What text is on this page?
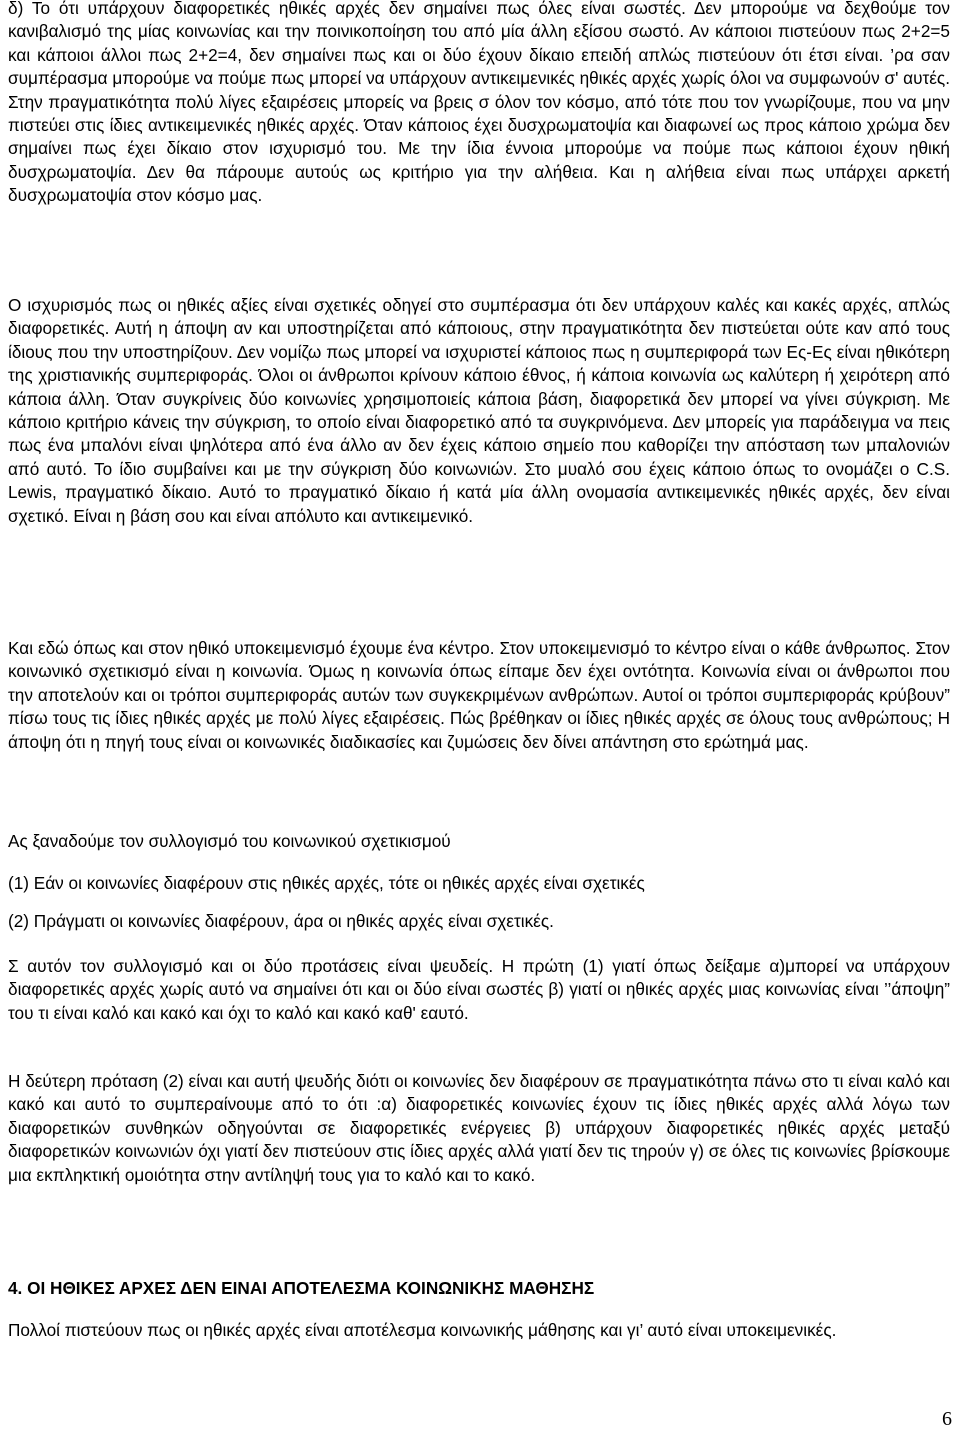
δ) Το ότι υπάρχουν διαφορετικές ηθικές αρχές δεν σημαίνει πως όλες είναι σωστές. Δεν μπορούμε να δεχθούμε τον κανιβαλισμό της μίας κοινωνίας και την ποινικοποίηση του από μία άλλη εξίσου σωστό. Αν κάποιοι πιστεύουν πως 2+2=5 και κάποιοι άλλοι πως 2+2=4, δεν σημαίνει πως και οι δύο έχουν δίκαιο επειδή απλώς πιστεύουν ότι έτσι είναι. ’ρα σαν συμπέρασμα μπορούμε να πούμε πως μπορεί να υπάρχουν αντικειμενικές ηθικές αρχές χωρίς όλοι να συμφωνούν σ' αυτές. Στην πραγματικότητα πολύ λίγες εξαιρέσεις μπορείς να βρεις σ όλον τον κόσμο, από τότε που τον γνωρίζουμε, που να μην πιστεύει στις ίδιες αντικειμενικές ηθικές αρχές. Όταν κάποιος έχει δυσχρωματοψία και διαφωνεί ως προς κάποιο χρώμα δεν σημαίνει πως έχει δίκαιο στον ισχυρισμό του. Με την ίδια έννοια μπορούμε να πούμε πως κάποιοι έχουν ηθική δυσχρωματοψία. Δεν θα πάρουμε αυτούς ως κριτήριο για την αλήθεια. Και η αλήθεια είναι πως υπάρχει αρκετή δυσχρωματοψία στον κόσμο μας.

Ο ισχυρισμός πως οι ηθικές αξίες είναι σχετικές οδηγεί στο συμπέρασμα ότι δεν υπάρχουν καλές και κακές αρχές, απλώς διαφορετικές. Αυτή η άποψη αν και υποστηρίζεται από κάποιους, στην πραγματικότητα δεν πιστεύεται ούτε καν από τους ίδιους που την υποστηρίζουν. Δεν νομίζω πως μπορεί να ισχυριστεί κάποιος πως η συμπεριφορά των Ες-Ες είναι ηθικότερη της χριστιανικής συμπεριφοράς. Όλοι οι άνθρωποι κρίνουν κάποιο έθνος, ή κάποια κοινωνία ως καλύτερη ή χειρότερη από κάποια άλλη. Όταν συγκρίνεις δύο κοινωνίες χρησιμοποιείς κάποια βάση, διαφορετικά δεν μπορεί να γίνει σύγκριση. Με κάποιο κριτήριο κάνεις την σύγκριση, το οποίο είναι διαφορετικό από τα συγκρινόμενα. Δεν μπορείς για παράδειγμα να πεις πως ένα μπαλόνι είναι ψηλότερα από ένα άλλο αν δεν έχεις κάποιο σημείο που καθορίζει την απόσταση των μπαλονιών από αυτό. Το ίδιο συμβαίνει και με την σύγκριση δύο κοινωνιών. Στο μυαλό σου έχεις κάποιο όπως το ονομάζει ο C.S. Lewis, πραγματικό δίκαιο. Αυτό το πραγματικό δίκαιο ή κατά μία άλλη ονομασία αντικειμενικές ηθικές αρχές, δεν είναι σχετικό. Είναι η βάση σου και είναι απόλυτο και αντικειμενικό.

Και εδώ όπως και στον ηθικό υποκειμενισμό έχουμε ένα κέντρο. Στον υποκειμενισμό το κέντρο είναι ο κάθε άνθρωπος. Στον κοινωνικό σχετικισμό είναι η κοινωνία. Όμως η κοινωνία όπως είπαμε δεν έχει οντότητα. Κοινωνία είναι οι άνθρωποι που την αποτελούν και οι τρόποι συμπεριφοράς αυτών των συγκεκριμένων ανθρώπων. Αυτοί οι τρόποι συμπεριφοράς κρύβουν” πίσω τους τις ίδιες ηθικές αρχές με πολύ λίγες εξαιρέσεις. Πώς βρέθηκαν οι ίδιες ηθικές αρχές σε όλους τους ανθρώπους; Η άποψη ότι η πηγή τους είναι οι κοινωνικές διαδικασίες και ζυμώσεις δεν δίνει απάντηση στο ερώτημά μας.

Ας ξαναδούμε τον συλλογισμό του κοινωνικού σχετικισμού

(1) Εάν οι κοινωνίες διαφέρουν στις ηθικές αρχές, τότε οι ηθικές αρχές είναι σχετικές

(2) Πράγματι οι κοινωνίες διαφέρουν, άρα οι ηθικές αρχές είναι σχετικές.

Σ αυτόν τον συλλογισμό και οι δύο προτάσεις είναι ψευδείς. Η πρώτη (1) γιατί όπως δείξαμε α)μπορεί να υπάρχουν διαφορετικές αρχές χωρίς αυτό να σημαίνει ότι και οι δύο είναι σωστές β) γιατί οι ηθικές αρχές μιας κοινωνίας είναι ’’άποψη” του τι είναι καλό και κακό και όχι το καλό και κακό καθ' εαυτό.

Η δεύτερη πρόταση (2) είναι και αυτή ψευδής διότι οι κοινωνίες δεν διαφέρουν σε πραγματικότητα πάνω στο τι είναι καλό και κακό και αυτό το συμπεραίνουμε από το ότι :α) διαφορετικές κοινωνίες έχουν τις ίδιες ηθικές αρχές αλλά λόγω των διαφορετικών συνθηκών οδηγούνται σε διαφορετικές ενέργειες β) υπάρχουν διαφορετικές ηθικές αρχές μεταξύ διαφορετικών κοινωνιών όχι γιατί δεν πιστεύουν στις ίδιες αρχές αλλά γιατί δεν τις τηρούν γ) σε όλες τις κοινωνίες βρίσκουμε μια εκπληκτική ομοιότητα στην αντίληψή τους για το καλό και το κακό.

4. ΟΙ ΗΘΙΚΕΣ ΑΡΧΕΣ ΔΕΝ ΕΙΝΑΙ ΑΠΟΤΕΛΕΣΜΑ ΚΟΙΝΩΝΙΚΗΣ ΜΑΘΗΣΗΣ

Πολλοί πιστεύουν πως οι ηθικές αρχές είναι αποτέλεσμα κοινωνικής μάθησης και γι’ αυτό είναι υποκειμενικές.

6
